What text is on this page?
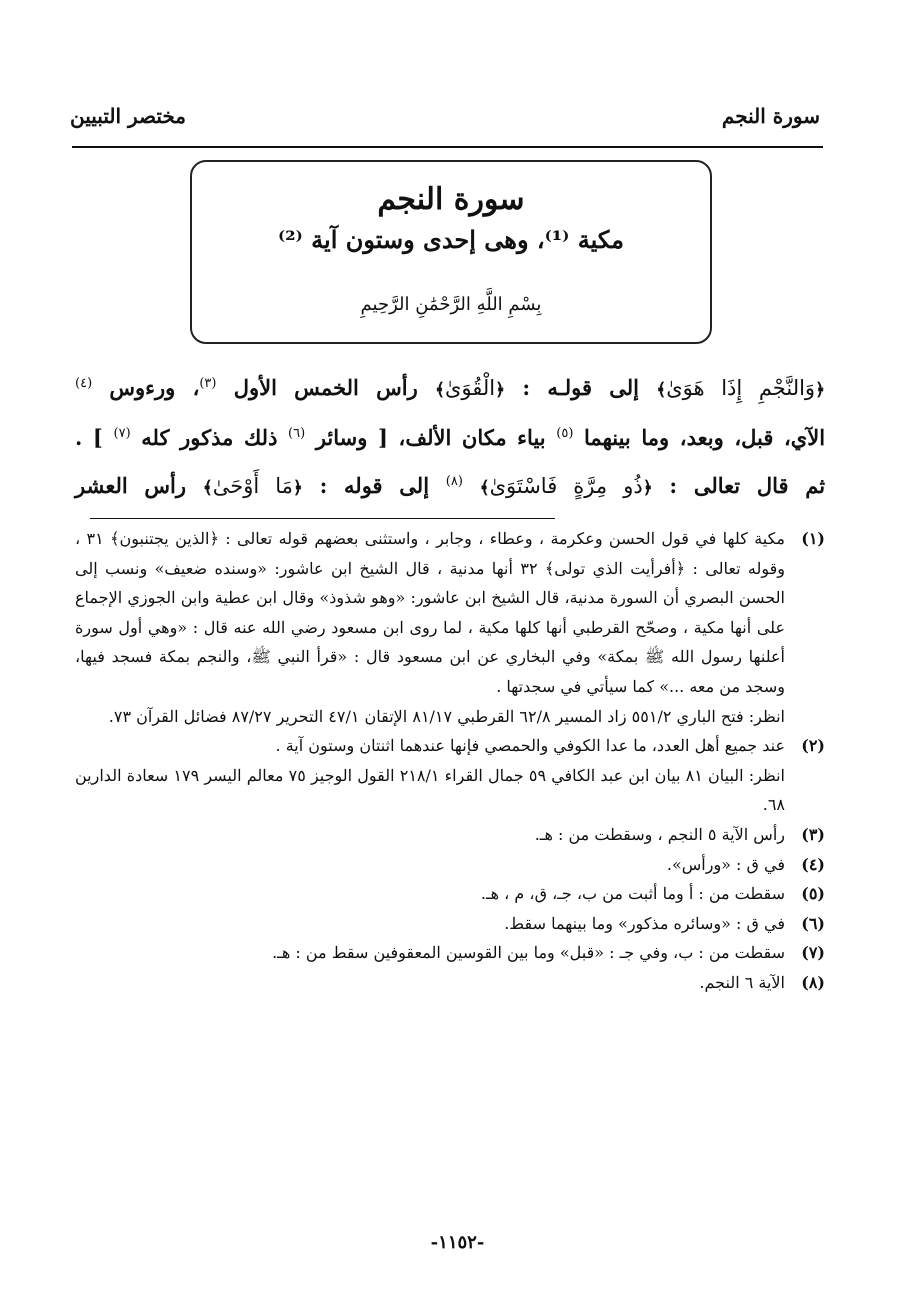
سورة النجم
مختصر التبيين
سورة النجم
مكية ⁽¹⁾، وهى إحدى وستون آية ⁽²⁾
بِسْمِ اللَّهِ الرَّحْمَٰنِ الرَّحِيمِ

﴿وَالنَّجْمِ إِذَا هَوَىٰ﴾ إلى قولـه : ﴿الْقُوَىٰ﴾ رأس الخمس الأول $^{(٣)}$، ورءوس $^{(٤)}$

الآي، قبل، وبعد، وما بينهما $^{(٥)}$ بياء مكان الألف، [ وسائر $^{(٦)}$ ذلك مذكور كله $^{(٧)}$ ] .

ثم قال تعالى : ﴿ذُو مِرَّةٍ فَاسْتَوَىٰ﴾ $^{(٨)}$ إلى قوله : ﴿مَا أَوْحَىٰ﴾ رأس العشر

(١)

مكية كلها في قول الحسن وعكرمة ، وعطاء ، وجابر ، واستثنى بعضهم قوله تعالى : ﴿الذين يجتنبون﴾ ٣١ ، وقوله تعالى : ﴿أفرأيت الذي تولى﴾ ٣٢ أنها مدنية ، قال الشيخ ابن عاشور: «وسنده ضعيف» ونسب إلى الحسن البصري أن السورة مدنية، قال الشيخ ابن عاشور: «وهو شذوذ» وقال ابن عطية وابن الجوزي الإجماع على أنها مكية ، وصحّح القرطبي أنها كلها مكية ، لما روى ابن مسعود رضي الله عنه قال : «وهي أول سورة أعلنها رسول الله ﷺ بمكة» وفي البخاري عن ابن مسعود قال : «قرأ النبي ﷺ، والنجم بمكة فسجد فيها، وسجد من معه ...» كما سيأتي في سجدتها .

انظر: فتح الباري ٥٥١/٢ زاد المسير ٦٢/٨ القرطبي ٨١/١٧ الإتقان ٤٧/١ التحرير ٨٧/٢٧ فضائل القرآن ٧٣.

(٢)

عند جميع أهل العدد، ما عدا الكوفي والحمصي فإنها عندهما اثنتان وستون آية .

انظر: البيان ٨١ بيان ابن عبد الكافي ٥٩ جمال القراء ٢١٨/١ القول الوجيز ٧٥ معالم اليسر ١٧٩ سعادة الدارين ٦٨.

(٣)

رأس الآية ٥ النجم ، وسقطت من : هـ.

(٤)

في ق : «ورأس».

(٥)

سقطت من : أ وما أثبت من ب، جـ، ق، م ، هـ.

(٦)

في ق : «وسائره مذكور» وما بينهما سقط.

(٧)

سقطت من : ب، وفي جـ : «قبل» وما بين القوسين المعقوفين سقط من : هـ.

(٨)

الآية ٦ النجم.

-١١٥٢-
